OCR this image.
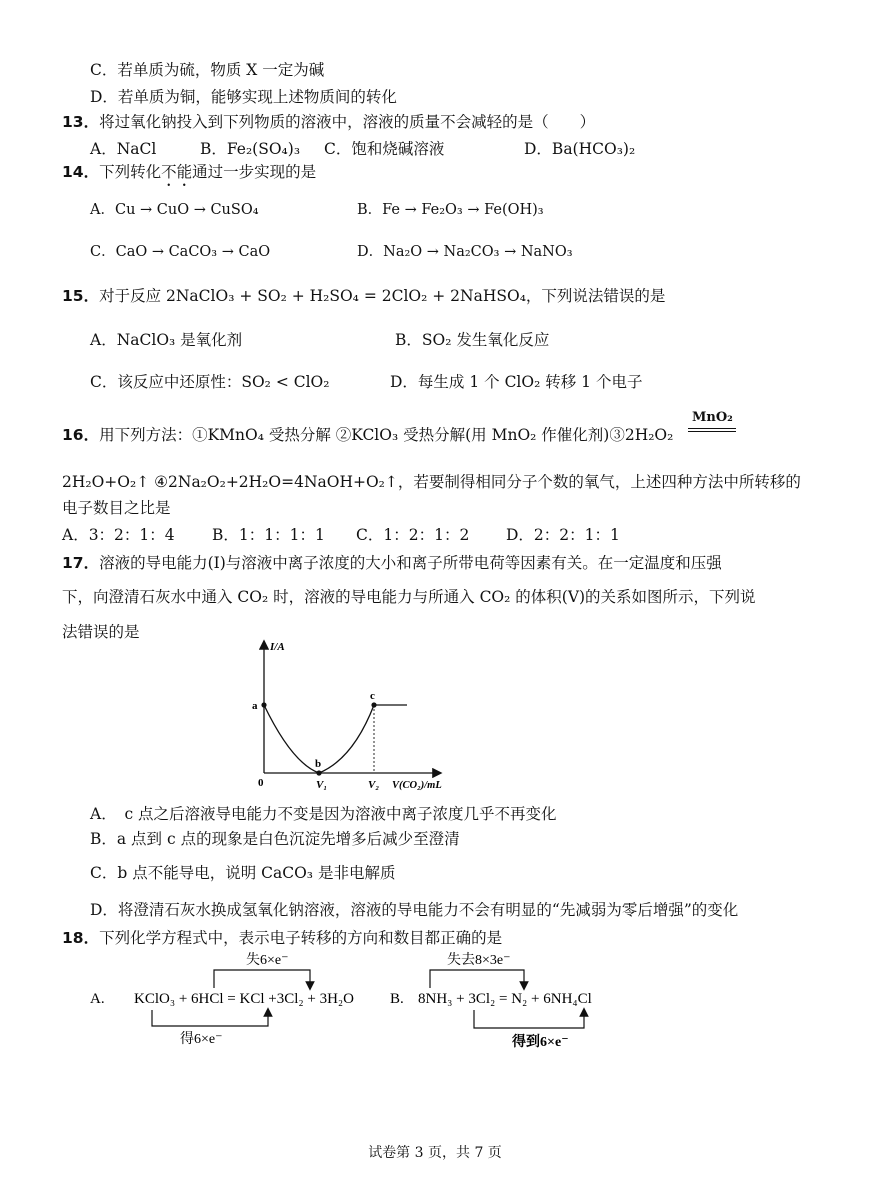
C．若单质为硫，物质 X 一定为碱
D．若单质为铜，能够实现上述物质间的转化
13．将过氧化钠投入到下列物质的溶液中，溶液的质量不会减轻的是（　　）
A．NaCl	B．Fe₂(SO₄)₃ C．饱和烧碱溶液	D．Ba(HCO₃)₂
14．下列转化不能通过一步实现的是
A．Cu → CuO → CuSO₄	B．Fe → Fe₂O₃ → Fe(OH)₃
C．CaO → CaCO₃ → CaO	D．Na₂O → Na₂CO₃ → NaNO₃
15．对于反应 2NaClO₃ + SO₂ + H₂SO₄ = 2ClO₂ + 2NaHSO₄，下列说法错误的是
A．NaClO₃ 是氧化剂	B．SO₂ 发生氧化反应
C．该反应中还原性：SO₂ < ClO₂	D．每生成 1 个 ClO₂ 转移 1 个电子
16．用下列方法：①KMnO₄ 受热分解 ②KClO₃ 受热分解(用 MnO₂ 作催化剂)③2H₂O₂
MnO₂
2H₂O+O₂↑ ④2Na₂O₂+2H₂O=4NaOH+O₂↑，若要制得相同分子个数的氧气，上述四种方法中所转移的
电子数目之比是
A．3：2：1：4 B．1：1：1：1 C．1：2：1：2 D．2：2：1：1
17．溶液的导电能力(I)与溶液中离子浓度的大小和离子所带电荷等因素有关。在一定温度和压强
下，向澄清石灰水中通入 CO₂ 时，溶液的导电能力与所通入 CO₂ 的体积(V)的关系如图所示，下列说
法错误的是
I/A
V(CO₂)/mL
0	V₁	V₂
a
b
c
A．　c 点之后溶液导电能力不变是因为溶液中离子浓度几乎不再变化
B．a 点到 c 点的现象是白色沉淀先增多后减少至澄清
C．b 点不能导电，说明 CaCO₃ 是非电解质
D．将澄清石灰水换成氢氧化钠溶液，溶液的导电能力不会有明显的“先减弱为零后增强”的变化
18．下列化学方程式中，表示电子转移的方向和数目都正确的是
A. KClO₃ + 6HCl = KCl +3Cl₂ + 3H₂O
失6×e⁻
得6×e⁻
B. 8NH₃ + 3Cl₂ = N₂ + 6NH₄Cl
失去8×3e⁻
得到6×e⁻
试卷第 3 页，共 7 页
